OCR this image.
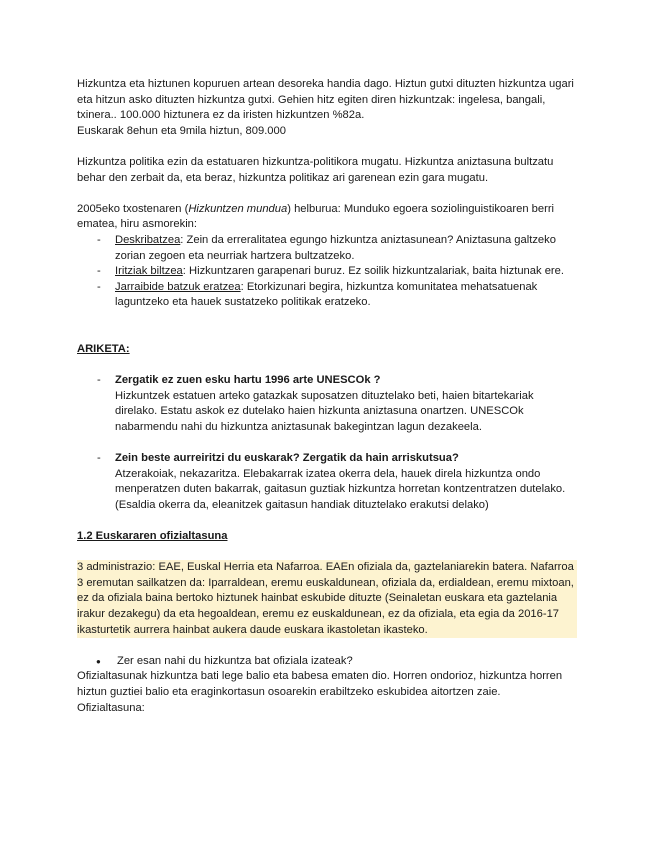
Hizkuntza eta hiztunen kopuruen artean desoreka handia dago. Hiztun gutxi dituzten hizkuntza ugari eta hitzun asko dituzten hizkuntza gutxi. Gehien hitz egiten diren hizkuntzak: ingelesa, bangali, txinera.. 100.000 hiztunera ez da iristen hizkuntzen %82a.

Euskarak 8ehun eta 9mila hiztun, 809.000

Hizkuntza politika ezin da estatuaren hizkuntza-politikora mugatu. Hizkuntza aniztasuna bultzatu behar den zerbait da, eta beraz, hizkuntza politikaz ari garenean ezin gara mugatu.

2005eko txostenaren (Hizkuntzen mundua) helburua: Munduko egoera soziolinguistikoaren berri ematea, hiru asmorekin:

- Deskribatzea: Zein da erreralitatea egungo hizkuntza aniztasunean? Aniztasuna galtzeko zorian zegoen eta neurriak hartzera bultzatzeko.
- Iritziak biltzea: Hizkuntzaren garapenari buruz. Ez soilik hizkuntzalariak, baita hiztunak ere.
- Jarraibide batzuk eratzea: Etorkizunari begira, hizkuntza komunitatea mehatsatuenak laguntzeko eta hauek sustatzeko politikak eratzeko.

ARIKETA:

- Zergatik ez zuen esku hartu 1996 arte UNESCOk ?
Hizkuntzek estatuen arteko gatazkak suposatzen dituztelako beti, haien bitartekariak direlako. Estatu askok ez dutelako haien hizkunta aniztasuna onartzen. UNESCOk nabarmendu nahi du hizkuntza aniztasunak bakegintzan lagun dezakeela.
- Zein beste aurreiritzi du euskarak? Zergatik da hain arriskutsua?
Atzerakoiak, nekazaritza. Elebakarrak izatea okerra dela, hauek direla hizkuntza ondo menperatzen duten bakarrak, gaitasun guztiak hizkuntza horretan kontzentratzen dutelako. (Esaldia okerra da, eleanitzek gaitasun handiak dituztelako erakutsi delako)

1.2 Euskararen ofizialtasuna

3 administrazio: EAE, Euskal Herria eta Nafarroa. EAEn ofiziala da, gaztelaniarekin batera. Nafarroa 3 eremutan sailkatzen da: Iparraldean, eremu euskaldunean, ofiziala da, erdialdean, eremu mixtoan, ez da ofiziala baina bertoko hiztunek hainbat eskubide dituzte (Seinaletan euskara eta gaztelania irakur dezakegu) da eta hegoaldean, eremu ez euskaldunean, ez da ofiziala, eta egia da 2016-17 ikasturtetik aurrera hainbat aukera daude euskara ikastoletan ikasteko.

● Zer esan nahi du hizkuntza bat ofiziala izateak?

Ofizialtasunak hizkuntza bati lege balio eta babesa ematen dio. Horren ondorioz, hizkuntza horren hiztun guztiei balio eta eraginkortasun osoarekin erabiltzeko eskubidea aitortzen zaie.

Ofizialtasuna:
